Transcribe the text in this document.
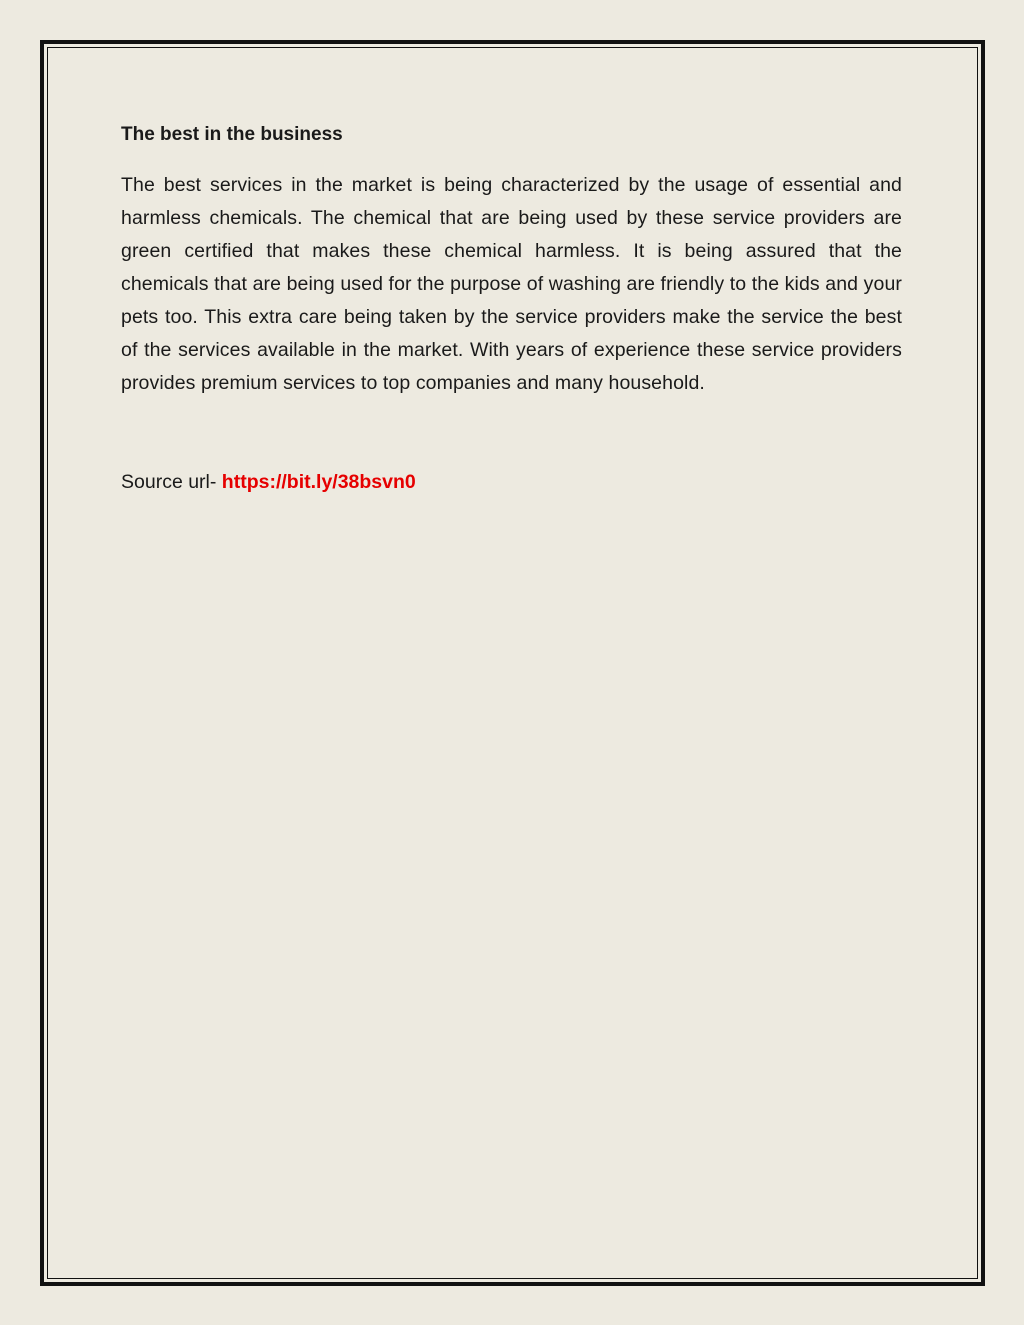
The best in the business

The best services in the market is being characterized by the usage of essential and harmless chemicals. The chemical that are being used by these service providers are green certified that makes these chemical harmless. It is being assured that the chemicals that are being used for the purpose of washing are friendly to the kids and your pets too. This extra care being taken by the service providers make the service the best of the services available in the market. With years of experience these service providers provides premium services to top companies and many household.

Source url- https://bit.ly/38bsvn0
